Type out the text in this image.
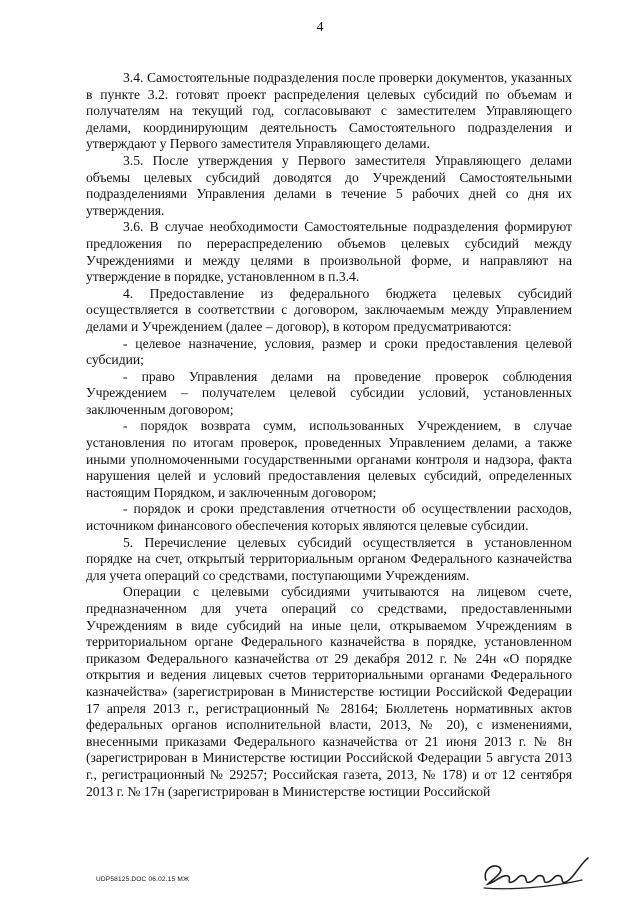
4

3.4. Самостоятельные подразделения после проверки документов, указанных в пункте 3.2. готовят проект распределения целевых субсидий по объемам и получателям на текущий год, согласовывают с заместителем Управляющего делами, координирующим деятельность Самостоятельного подразделения и утверждают у Первого заместителя Управляющего делами.

3.5. После утверждения у Первого заместителя Управляющего делами объемы целевых субсидий доводятся до Учреждений Самостоятельными подразделениями Управления делами в течение 5 рабочих дней со дня их утверждения.

3.6. В случае необходимости Самостоятельные подразделения формируют предложения по перераспределению объемов целевых субсидий между Учреждениями и между целями в произвольной форме, и направляют на утверждение в порядке, установленном в п.3.4.

4. Предоставление из федерального бюджета целевых субсидий осуществляется в соответствии с договором, заключаемым между Управлением делами и Учреждением (далее – договор), в котором предусматриваются:

- целевое назначение, условия, размер и сроки предоставления целевой субсидии;

- право Управления делами на проведение проверок соблюдения Учреждением – получателем целевой субсидии условий, установленных заключенным договором;

- порядок возврата сумм, использованных Учреждением, в случае установления по итогам проверок, проведенных Управлением делами, а также иными уполномоченными государственными органами контроля и надзора, факта нарушения целей и условий предоставления целевых субсидий, определенных настоящим Порядком, и заключенным договором;

- порядок и сроки представления отчетности об осуществлении расходов, источником финансового обеспечения которых являются целевые субсидии.

5. Перечисление целевых субсидий осуществляется в установленном порядке на счет, открытый территориальным органом Федерального казначейства для учета операций со средствами, поступающими Учреждениям.

Операции с целевыми субсидиями учитываются на лицевом счете, предназначенном для учета операций со средствами, предоставленными Учреждениям в виде субсидий на иные цели, открываемом Учреждениям в территориальном органе Федерального казначейства в порядке, установленном приказом Федерального казначейства от 29 декабря 2012 г. № 24н «О порядке открытия и ведения лицевых счетов территориальными органами Федерального казначейства» (зарегистрирован в Министерстве юстиции Российской Федерации 17 апреля 2013 г., регистрационный № 28164; Бюллетень нормативных актов федеральных органов исполнительной власти, 2013, № 20), с изменениями, внесенными приказами Федерального казначейства от 21 июня 2013 г. № 8н (зарегистрирован в Министерстве юстиции Российской Федерации 5 августа 2013 г., регистрационный № 29257; Российская газета, 2013, № 178) и от 12 сентября 2013 г. № 17н (зарегистрирован в Министерстве юстиции Российской

UDP58125.DOC 06.02.15 МЖ
